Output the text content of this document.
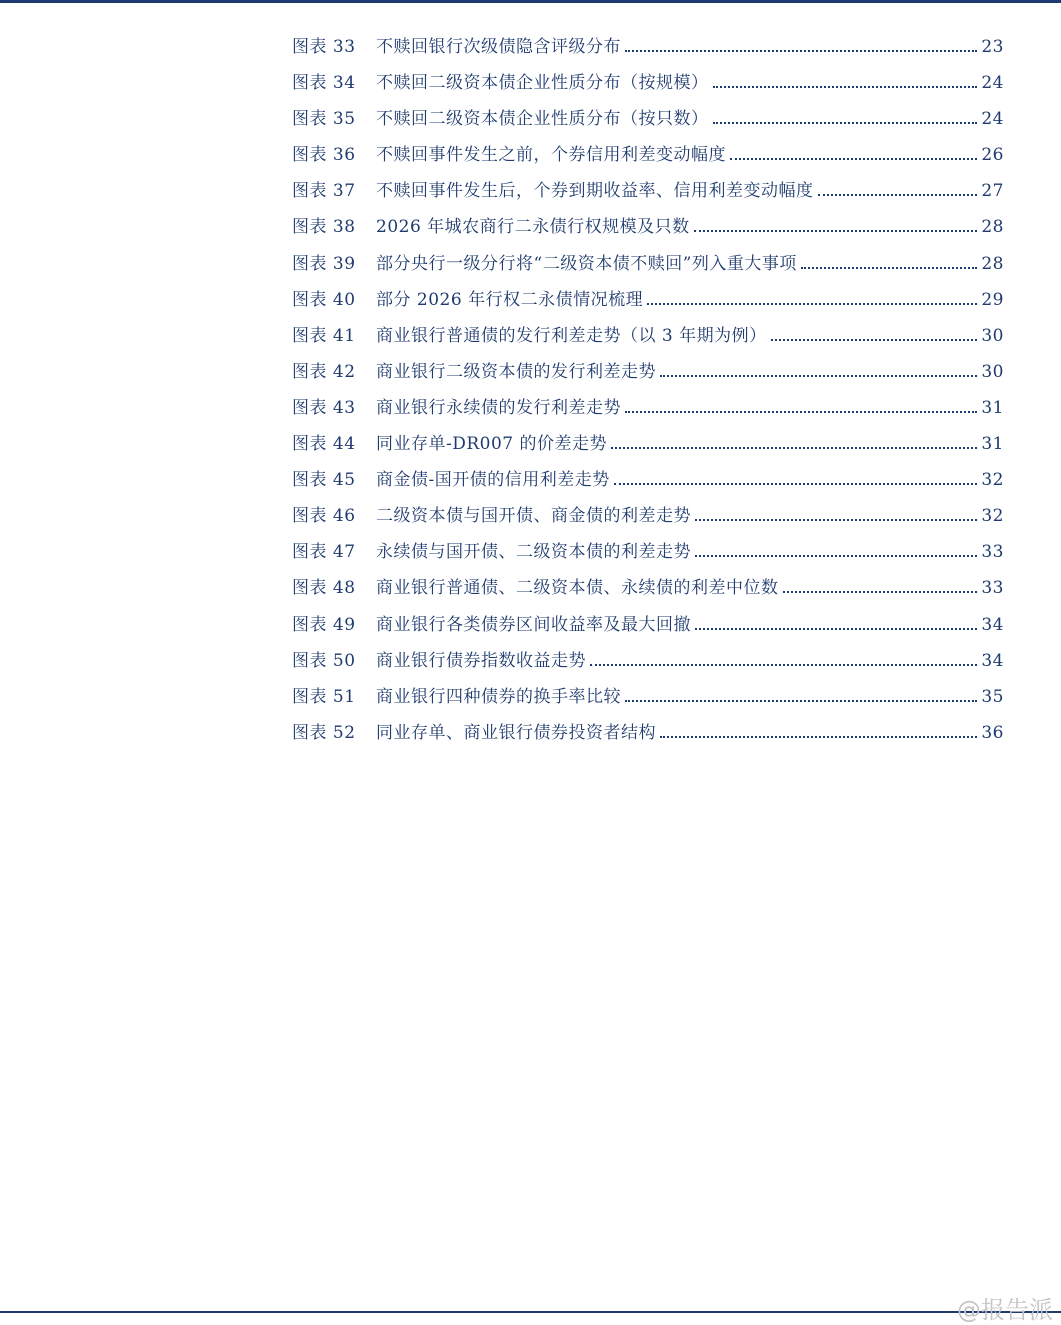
图表 33	不赎回银行次级债隐含评级分布	23
图表 34	不赎回二级资本债企业性质分布（按规模）	24
图表 35	不赎回二级资本债企业性质分布（按只数）	24
图表 36	不赎回事件发生之前，个券信用利差变动幅度	26
图表 37	不赎回事件发生后，个券到期收益率、信用利差变动幅度	27
图表 38	2026 年城农商行二永债行权规模及只数	28
图表 39	部分央行一级分行将“二级资本债不赎回”列入重大事项	28
图表 40	部分 2026 年行权二永债情况梳理	29
图表 41	商业银行普通债的发行利差走势（以 3 年期为例）	30
图表 42	商业银行二级资本债的发行利差走势	30
图表 43	商业银行永续债的发行利差走势	31
图表 44	同业存单-DR007 的价差走势	31
图表 45	商金债-国开债的信用利差走势	32
图表 46	二级资本债与国开债、商金债的利差走势	32
图表 47	永续债与国开债、二级资本债的利差走势	33
图表 48	商业银行普通债、二级资本债、永续债的利差中位数	33
图表 49	商业银行各类债券区间收益率及最大回撤	34
图表 50	商业银行债券指数收益走势	34
图表 51	商业银行四种债券的换手率比较	35
图表 52	同业存单、商业银行债券投资者结构	36
@报告派
